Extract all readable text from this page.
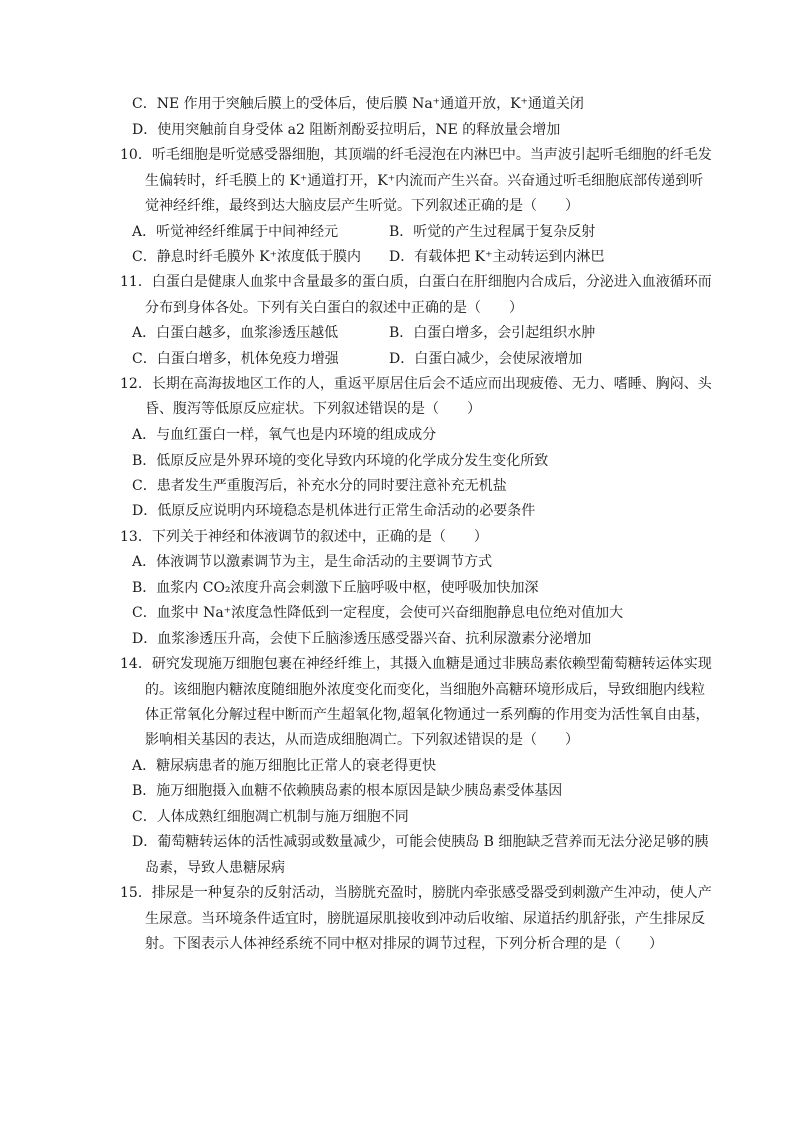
C．NE 作用于突触后膜上的受体后，使后膜 Na⁺通道开放，K⁺通道关闭
D．使用突触前自身受体 a2 阻断剂酚妥拉明后，NE 的释放量会增加
10．听毛细胞是听觉感受器细胞，其顶端的纤毛浸泡在内淋巴中。当声波引起听毛细胞的纤毛发
生偏转时，纤毛膜上的 K⁺通道打开，K⁺内流而产生兴奋。兴奋通过听毛细胞底部传递到听
觉神经纤维，最终到达大脑皮层产生听觉。下列叙述正确的是（　　）
A．听觉神经纤维属于中间神经元	B．听觉的产生过程属于复杂反射
C．静息时纤毛膜外 K⁺浓度低于膜内 D．有载体把 K⁺主动转运到内淋巴
11．白蛋白是健康人血浆中含量最多的蛋白质，白蛋白在肝细胞内合成后，分泌进入血液循环而
分布到身体各处。下列有关白蛋白的叙述中正确的是（　　）
A．白蛋白越多，血浆渗透压越低	B．白蛋白增多，会引起组织水肿
C．白蛋白增多，机体免疫力增强	D．白蛋白减少，会使尿液增加
12．长期在高海拔地区工作的人，重返平原居住后会不适应而出现疲倦、无力、嗜睡、胸闷、头
昏、腹泻等低原反应症状。下列叙述错误的是（　　）
A．与血红蛋白一样，氧气也是内环境的组成成分
B．低原反应是外界环境的变化导致内环境的化学成分发生变化所致
C．患者发生严重腹泻后，补充水分的同时要注意补充无机盐
D．低原反应说明内环境稳态是机体进行正常生命活动的必要条件
13．下列关于神经和体液调节的叙述中，正确的是（　　）
A．体液调节以激素调节为主，是生命活动的主要调节方式
B．血浆内 CO₂浓度升高会刺激下丘脑呼吸中枢，使呼吸加快加深
C．血浆中 Na⁺浓度急性降低到一定程度，会使可兴奋细胞静息电位绝对值加大
D．血浆渗透压升高，会使下丘脑渗透压感受器兴奋、抗利尿激素分泌增加
14．研究发现施万细胞包裹在神经纤维上，其摄入血糖是通过非胰岛素依赖型葡萄糖转运体实现
的。该细胞内糖浓度随细胞外浓度变化而变化，当细胞外高糖环境形成后，导致细胞内线粒
体正常氧化分解过程中断而产生超氧化物,超氧化物通过一系列酶的作用变为活性氧自由基，
影响相关基因的表达，从而造成细胞凋亡。下列叙述错误的是（　　）
A．糖尿病患者的施万细胞比正常人的衰老得更快
B．施万细胞摄入血糖不依赖胰岛素的根本原因是缺少胰岛素受体基因
C．人体成熟红细胞凋亡机制与施万细胞不同
D．葡萄糖转运体的活性减弱或数量减少，可能会使胰岛 B 细胞缺乏营养而无法分泌足够的胰
岛素，导致人患糖尿病
15．排尿是一种复杂的反射活动，当膀胱充盈时，膀胱内牵张感受器受到刺激产生冲动，使人产
生尿意。当环境条件适宜时，膀胱逼尿肌接收到冲动后收缩、尿道括约肌舒张，产生排尿反
射。下图表示人体神经系统不同中枢对排尿的调节过程，下列分析合理的是（　　）
